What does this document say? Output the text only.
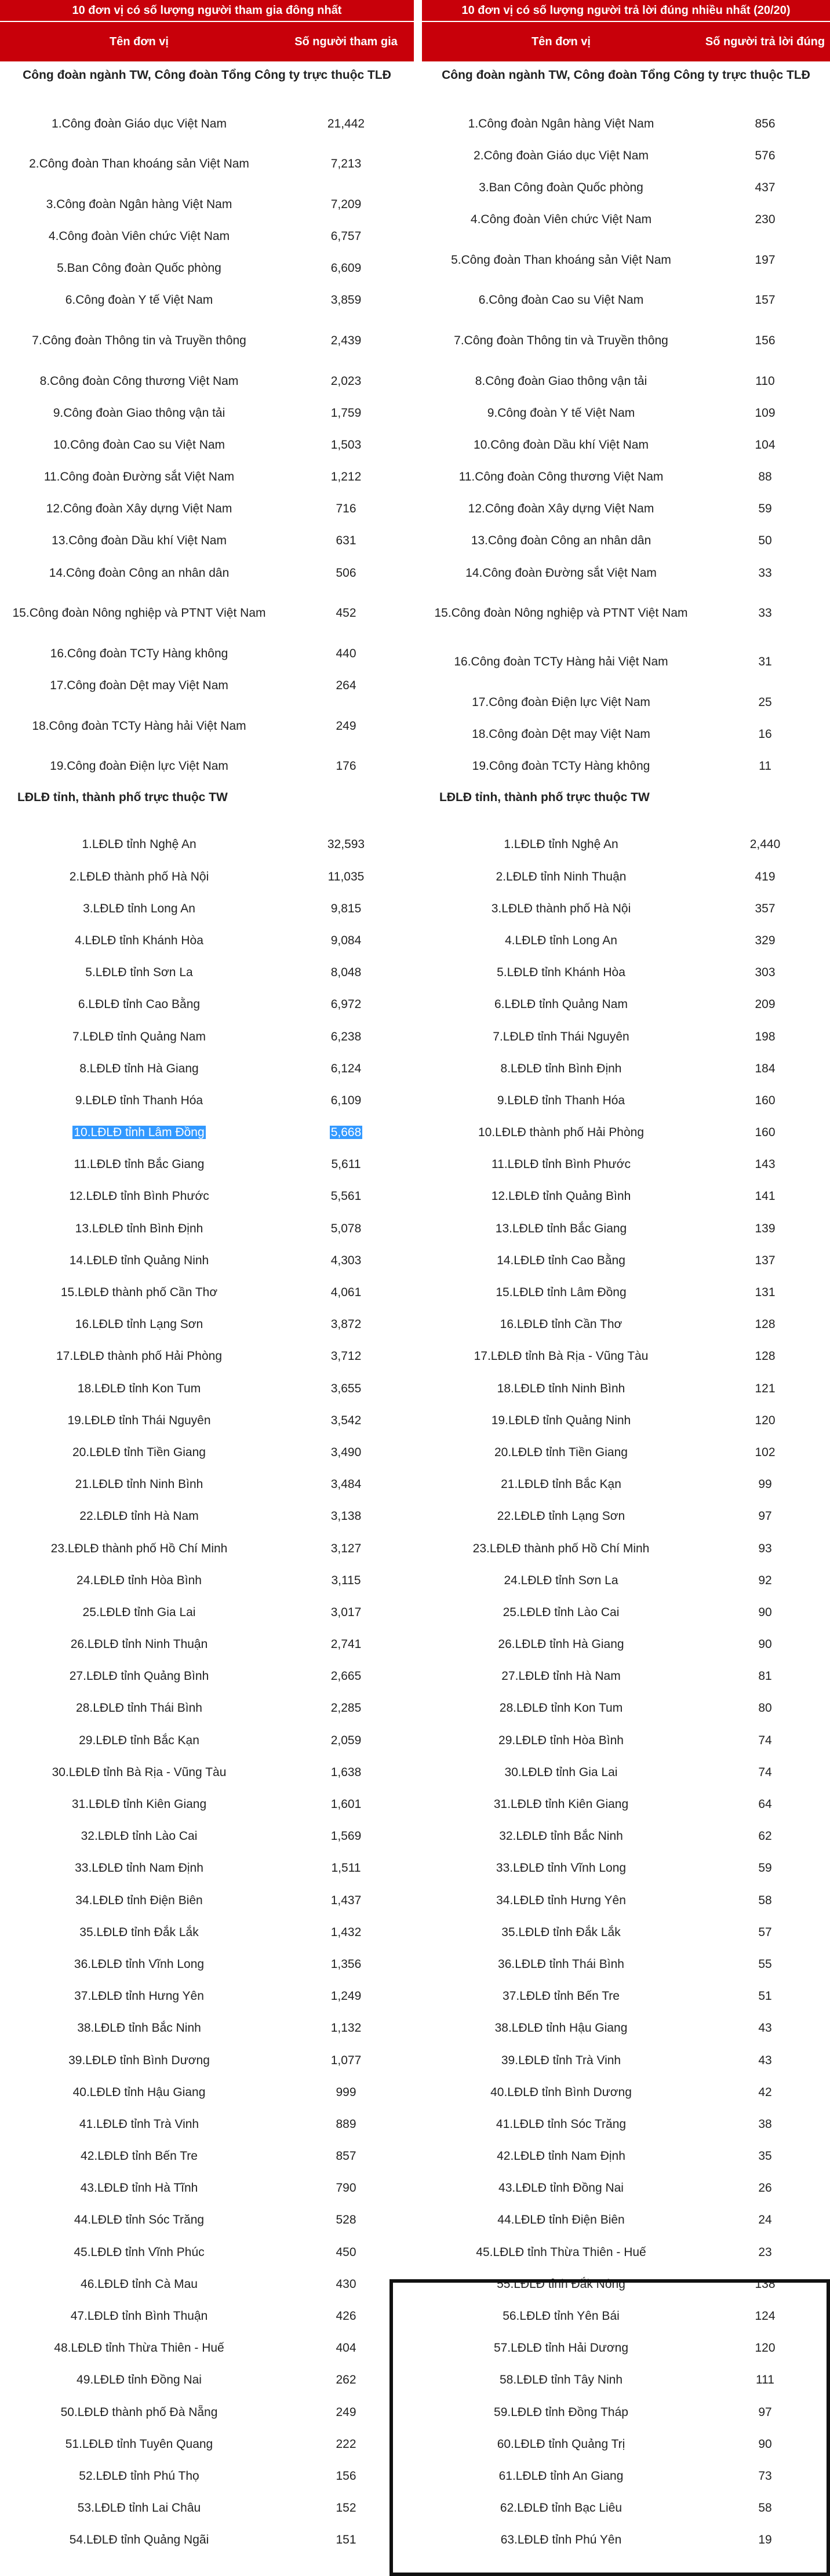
10 đơn vị có số lượng người tham gia đông nhất
Tên đơn vị	Số người tham gia
Công đoàn ngành TW, Công đoàn Tổng Công ty trực thuộc TLĐ
1.Công đoàn Giáo dục Việt Nam	21,442
2.Công đoàn Than khoáng sản Việt Nam	7,213
3.Công đoàn Ngân hàng Việt Nam	7,209
4.Công đoàn Viên chức Việt Nam	6,757
5.Ban Công đoàn Quốc phòng	6,609
6.Công đoàn Y tế Việt Nam	3,859
7.Công đoàn Thông tin và Truyền thông	2,439
8.Công đoàn Công thương Việt Nam	2,023
9.Công đoàn Giao thông vận tải	1,759
10.Công đoàn Cao su Việt Nam	1,503
11.Công đoàn Đường sắt Việt Nam	1,212
12.Công đoàn Xây dựng Việt Nam	716
13.Công đoàn Dầu khí Việt Nam	631
14.Công đoàn Công an nhân dân	506
15.Công đoàn Nông nghiệp và PTNT Việt Nam	452
16.Công đoàn TCTy Hàng không	440
17.Công đoàn Dệt may Việt Nam	264
18.Công đoàn TCTy Hàng hải Việt Nam	249
19.Công đoàn Điện lực Việt Nam	176
LĐLĐ tỉnh, thành phố trực thuộc TW
1.LĐLĐ tỉnh Nghệ An	32,593
2.LĐLĐ thành phố Hà Nội	11,035
3.LĐLĐ tỉnh Long An	9,815
4.LĐLĐ tỉnh Khánh Hòa	9,084
5.LĐLĐ tỉnh Sơn La	8,048
6.LĐLĐ tỉnh Cao Bằng	6,972
7.LĐLĐ tỉnh Quảng Nam	6,238
8.LĐLĐ tỉnh Hà Giang	6,124
9.LĐLĐ tỉnh Thanh Hóa	6,109
10.LĐLĐ tỉnh Lâm Đồng	5,668
11.LĐLĐ tỉnh Bắc Giang	5,611
12.LĐLĐ tỉnh Bình Phước	5,561
13.LĐLĐ tỉnh Bình Định	5,078
14.LĐLĐ tỉnh Quảng Ninh	4,303
15.LĐLĐ thành phố Cần Thơ	4,061
16.LĐLĐ tỉnh Lạng Sơn	3,872
17.LĐLĐ thành phố Hải Phòng	3,712
18.LĐLĐ tỉnh Kon Tum	3,655
19.LĐLĐ tỉnh Thái Nguyên	3,542
20.LĐLĐ tỉnh Tiền Giang	3,490
21.LĐLĐ tỉnh Ninh Bình	3,484
22.LĐLĐ tỉnh Hà Nam	3,138
23.LĐLĐ thành phố Hồ Chí Minh	3,127
24.LĐLĐ tỉnh Hòa Bình	3,115
25.LĐLĐ tỉnh Gia Lai	3,017
26.LĐLĐ tỉnh Ninh Thuận	2,741
27.LĐLĐ tỉnh Quảng Bình	2,665
28.LĐLĐ tỉnh Thái Bình	2,285
29.LĐLĐ tỉnh Bắc Kạn	2,059
30.LĐLĐ tỉnh Bà Rịa - Vũng Tàu	1,638
31.LĐLĐ tỉnh Kiên Giang	1,601
32.LĐLĐ tỉnh Lào Cai	1,569
33.LĐLĐ tỉnh Nam Định	1,511
34.LĐLĐ tỉnh Điện Biên	1,437
35.LĐLĐ tỉnh Đắk Lắk	1,432
36.LĐLĐ tỉnh Vĩnh Long	1,356
37.LĐLĐ tỉnh Hưng Yên	1,249
38.LĐLĐ tỉnh Bắc Ninh	1,132
39.LĐLĐ tỉnh Bình Dương	1,077
40.LĐLĐ tỉnh Hậu Giang	999
41.LĐLĐ tỉnh Trà Vinh	889
42.LĐLĐ tỉnh Bến Tre	857
43.LĐLĐ tỉnh Hà Tĩnh	790
44.LĐLĐ tỉnh Sóc Trăng	528
45.LĐLĐ tỉnh Vĩnh Phúc	450
46.LĐLĐ tỉnh Cà Mau	430
47.LĐLĐ tỉnh Bình Thuận	426
48.LĐLĐ tỉnh Thừa Thiên - Huế	404
49.LĐLĐ tỉnh Đồng Nai	262
50.LĐLĐ thành phố Đà Nẵng	249
51.LĐLĐ tỉnh Tuyên Quang	222
52.LĐLĐ tỉnh Phú Thọ	156
53.LĐLĐ tỉnh Lai Châu	152
54.LĐLĐ tỉnh Quảng Ngãi	151
10 đơn vị có số lượng người trả lời đúng nhiều nhất (20/20)
Tên đơn vị	Số người trả lời đúng
Công đoàn ngành TW, Công đoàn Tổng Công ty trực thuộc TLĐ
1.Công đoàn Ngân hàng Việt Nam	856
2.Công đoàn Giáo dục Việt Nam	576
3.Ban Công đoàn Quốc phòng	437
4.Công đoàn Viên chức Việt Nam	230
5.Công đoàn Than khoáng sản Việt Nam	197
6.Công đoàn Cao su Việt Nam	157
7.Công đoàn Thông tin và Truyền thông	156
8.Công đoàn Giao thông vận tải	110
9.Công đoàn Y tế Việt Nam	109
10.Công đoàn Dầu khí Việt Nam	104
11.Công đoàn Công thương Việt Nam	88
12.Công đoàn Xây dựng Việt Nam	59
13.Công đoàn Công an nhân dân	50
14.Công đoàn Đường sắt Việt Nam	33
15.Công đoàn Nông nghiệp và PTNT Việt Nam	33
16.Công đoàn TCTy Hàng hải Việt Nam	31
17.Công đoàn Điện lực Việt Nam	25
18.Công đoàn Dệt may Việt Nam	16
19.Công đoàn TCTy Hàng không	11
LĐLĐ tỉnh, thành phố trực thuộc TW
1.LĐLĐ tỉnh Nghệ An	2,440
2.LĐLĐ tỉnh Ninh Thuận	419
3.LĐLĐ thành phố Hà Nội	357
4.LĐLĐ tỉnh Long An	329
5.LĐLĐ tỉnh Khánh Hòa	303
6.LĐLĐ tỉnh Quảng Nam	209
7.LĐLĐ tỉnh Thái Nguyên	198
8.LĐLĐ tỉnh Bình Định	184
9.LĐLĐ tỉnh Thanh Hóa	160
10.LĐLĐ thành phố Hải Phòng	160
11.LĐLĐ tỉnh Bình Phước	143
12.LĐLĐ tỉnh Quảng Bình	141
13.LĐLĐ tỉnh Bắc Giang	139
14.LĐLĐ tỉnh Cao Bằng	137
15.LĐLĐ tỉnh Lâm Đồng	131
16.LĐLĐ tỉnh Cần Thơ	128
17.LĐLĐ tỉnh Bà Rịa - Vũng Tàu	128
18.LĐLĐ tỉnh Ninh Bình	121
19.LĐLĐ tỉnh Quảng Ninh	120
20.LĐLĐ tỉnh Tiền Giang	102
21.LĐLĐ tỉnh Bắc Kạn	99
22.LĐLĐ tỉnh Lạng Sơn	97
23.LĐLĐ thành phố Hồ Chí Minh	93
24.LĐLĐ tỉnh Sơn La	92
25.LĐLĐ tỉnh Lào Cai	90
26.LĐLĐ tỉnh Hà Giang	90
27.LĐLĐ tỉnh Hà Nam	81
28.LĐLĐ tỉnh Kon Tum	80
29.LĐLĐ tỉnh Hòa Bình	74
30.LĐLĐ tỉnh Gia Lai	74
31.LĐLĐ tỉnh Kiên Giang	64
32.LĐLĐ tỉnh Bắc Ninh	62
33.LĐLĐ tỉnh Vĩnh Long	59
34.LĐLĐ tỉnh Hưng Yên	58
35.LĐLĐ tỉnh Đắk Lắk	57
36.LĐLĐ tỉnh Thái Bình	55
37.LĐLĐ tỉnh Bến Tre	51
38.LĐLĐ tỉnh Hậu Giang	43
39.LĐLĐ tỉnh Trà Vinh	43
40.LĐLĐ tỉnh Bình Dương	42
41.LĐLĐ tỉnh Sóc Trăng	38
42.LĐLĐ tỉnh Nam Định	35
43.LĐLĐ tỉnh Đồng Nai	26
44.LĐLĐ tỉnh Điện Biên	24
45.LĐLĐ tỉnh Thừa Thiên - Huế	23
55.LĐLĐ tỉnh Đắk Nông	138
56.LĐLĐ tỉnh Yên Bái	124
57.LĐLĐ tỉnh Hải Dương	120
58.LĐLĐ tỉnh Tây Ninh	111
59.LĐLĐ tỉnh Đồng Tháp	97
60.LĐLĐ tỉnh Quảng Trị	90
61.LĐLĐ tỉnh An Giang	73
62.LĐLĐ tỉnh Bạc Liêu	58
63.LĐLĐ tỉnh Phú Yên	19
